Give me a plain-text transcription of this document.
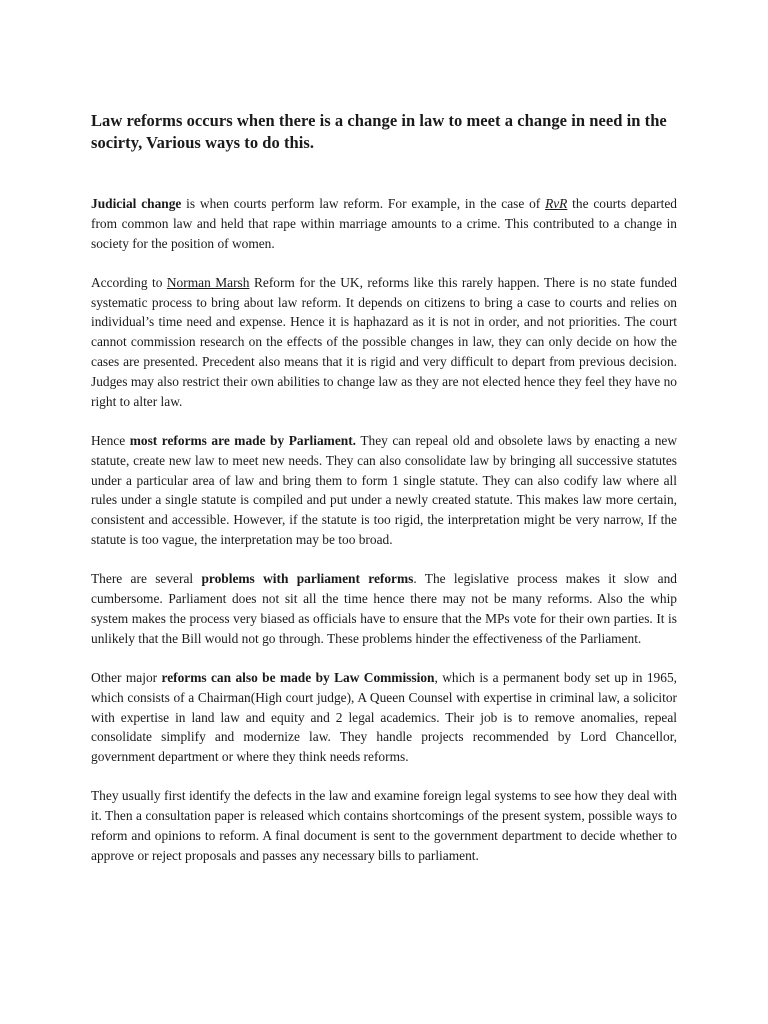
Law reforms occurs when there is a change in law to meet a change in need in the socirty, Various ways to do this.

Judicial change is when courts perform law reform. For example, in the case of RvR the courts departed from common law and held that rape within marriage amounts to a crime. This contributed to a change in society for the position of women.

According to Norman Marsh Reform for the UK, reforms like this rarely happen. There is no state funded systematic process to bring about law reform. It depends on citizens to bring a case to courts and relies on individual’s time need and expense. Hence it is haphazard as it is not in order, and not priorities. The court cannot commission research on the effects of the possible changes in law, they can only decide on how the cases are presented. Precedent also means that it is rigid and very difficult to depart from previous decision. Judges may also restrict their own abilities to change law as they are not elected hence they feel they have no right to alter law.

Hence most reforms are made by Parliament. They can repeal old and obsolete laws by enacting a new statute, create new law to meet new needs. They can also consolidate law by bringing all successive statutes under a particular area of law and bring them to form 1 single statute. They can also codify law where all rules under a single statute is compiled and put under a newly created statute. This makes law more certain, consistent and accessible. However, if the statute is too rigid, the interpretation might be very narrow, If the statute is too vague, the interpretation may be too broad.

There are several problems with parliament reforms. The legislative process makes it slow and cumbersome. Parliament does not sit all the time hence there may not be many reforms. Also the whip system makes the process very biased as officials have to ensure that the MPs vote for their own parties. It is unlikely that the Bill would not go through. These problems hinder the effectiveness of the Parliament.

Other major reforms can also be made by Law Commission, which is a permanent body set up in 1965, which consists of a Chairman(High court judge), A Queen Counsel with expertise in criminal law, a solicitor with expertise in land law and equity and 2 legal academics. Their job is to remove anomalies, repeal consolidate simplify and modernize law. They handle projects recommended by Lord Chancellor, government department or where they think needs reforms.

They usually first identify the defects in the law and examine foreign legal systems to see how they deal with it. Then a consultation paper is released which contains shortcomings of the present system, possible ways to reform and opinions to reform. A final document is sent to the government department to decide whether to approve or reject proposals and passes any necessary bills to parliament.
